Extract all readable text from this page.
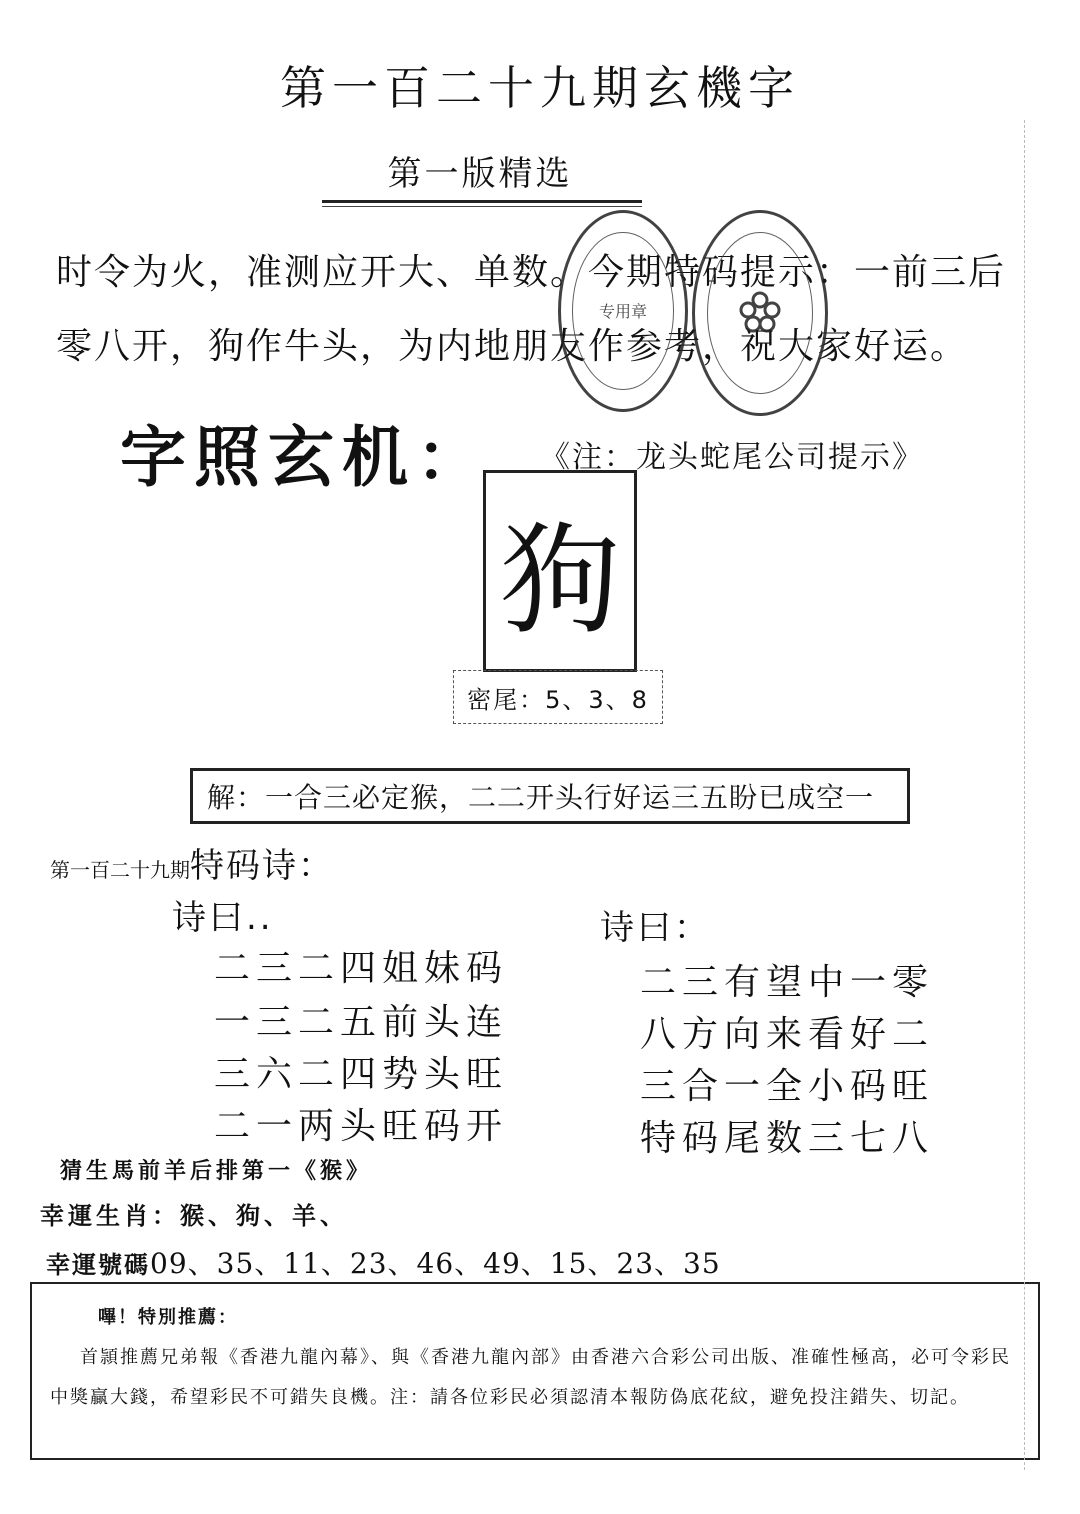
第一百二十九期玄機字
第一版精选
时令为火，准测应开大、单数。今期特码提示：一前三后零八开，狗作牛头，为内地朋友作参考，祝大家好运。
专用章
字照玄机： 《注：龙头蛇尾公司提示》
狗
密尾：5、3、8
解：一合三必定猴，二二开头行好运三五盼已成空一
第一百二十九期特码诗：
诗曰..	诗曰：
二三二四姐妹码
一三二五前头连
三六二四势头旺
二一两头旺码开
二三有望中一零
八方向来看好二
三合一全小码旺
特码尾数三七八
猜生馬前羊后排第一《猴》
幸運生肖：猴、狗、羊、
幸運號碼09、35、11、23、46、49、15、23、35
嗶！特別推薦：
首頴推薦兄弟報《香港九龍內幕》、與《香港九龍內部》由香港六合彩公司出版、准確性極高，必可令彩民中獎贏大錢，希望彩民不可錯失良機。注：請各位彩民必須認清本報防偽底花紋，避免投注錯失、切記。
